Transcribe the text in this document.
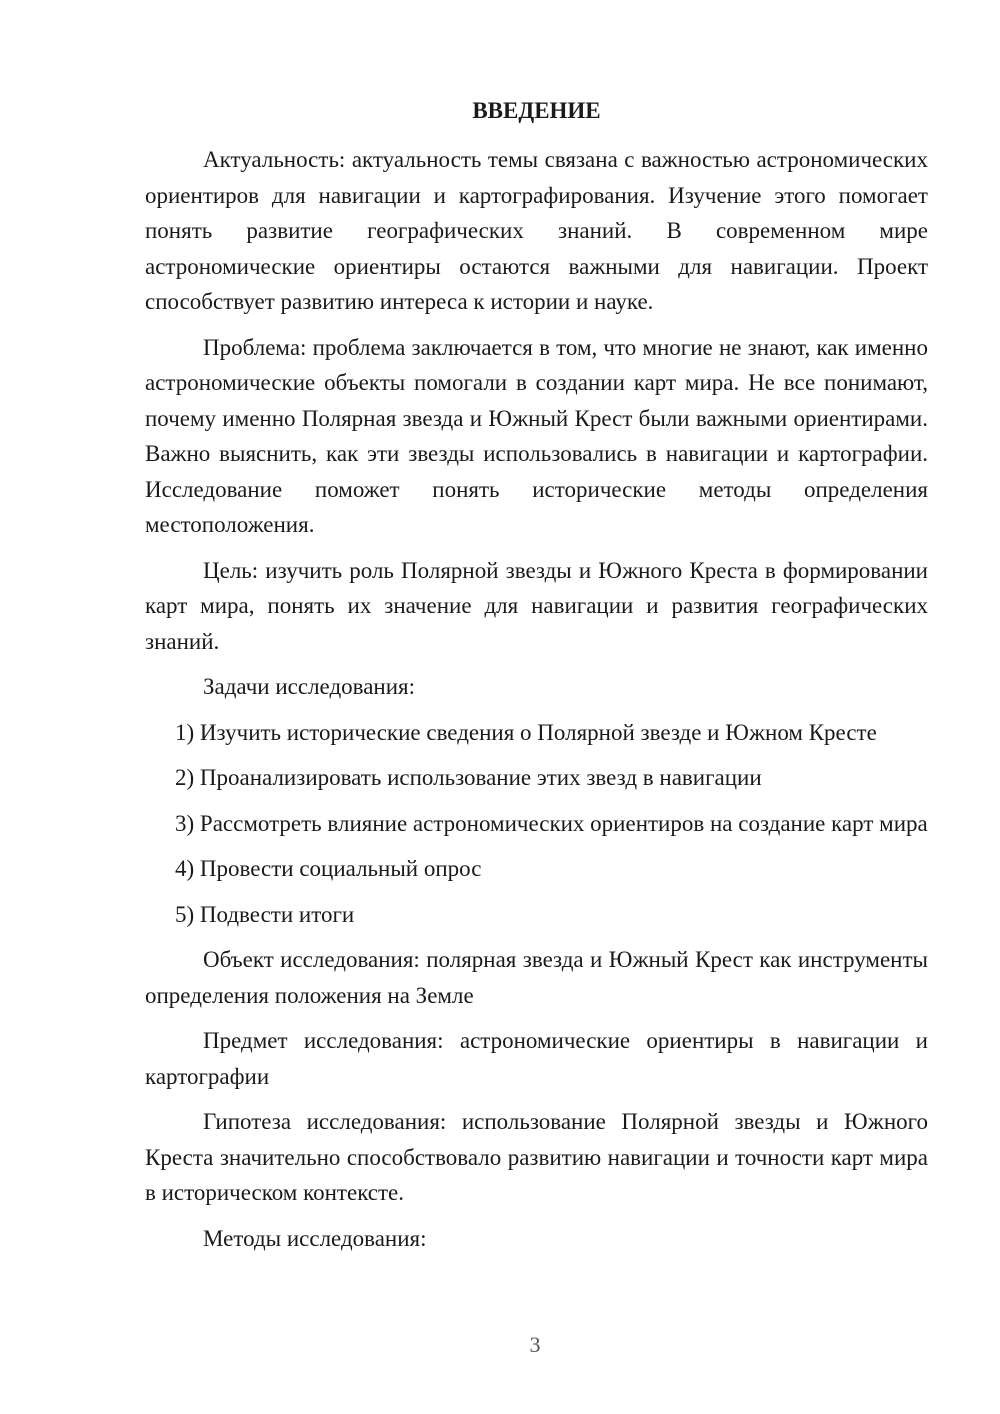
ВВЕДЕНИЕ

Актуальность: актуальность темы связана с важностью астрономических ориентиров для навигации и картографирования. Изучение этого помогает понять развитие географических знаний. В современном мире астрономические ориентиры остаются важными для навигации. Проект способствует развитию интереса к истории и науке.

Проблема: проблема заключается в том, что многие не знают, как именно астрономические объекты помогали в создании карт мира. Не все понимают, почему именно Полярная звезда и Южный Крест были важными ориентирами. Важно выяснить, как эти звезды использовались в навигации и картографии. Исследование поможет понять исторические методы определения местоположения.

Цель: изучить роль Полярной звезды и Южного Креста в формировании карт мира, понять их значение для навигации и развития географических знаний.

Задачи исследования:

1) Изучить исторические сведения о Полярной звезде и Южном Кресте

2) Проанализировать использование этих звезд в навигации

3) Рассмотреть влияние астрономических ориентиров на создание карт мира

4) Провести социальный опрос

5) Подвести итоги

Объект исследования: полярная звезда и Южный Крест как инструменты определения положения на Земле

Предмет исследования: астрономические ориентиры в навигации и картографии

Гипотеза исследования: использование Полярной звезды и Южного Креста значительно способствовало развитию навигации и точности карт мира в историческом контексте.

Методы исследования:

3
